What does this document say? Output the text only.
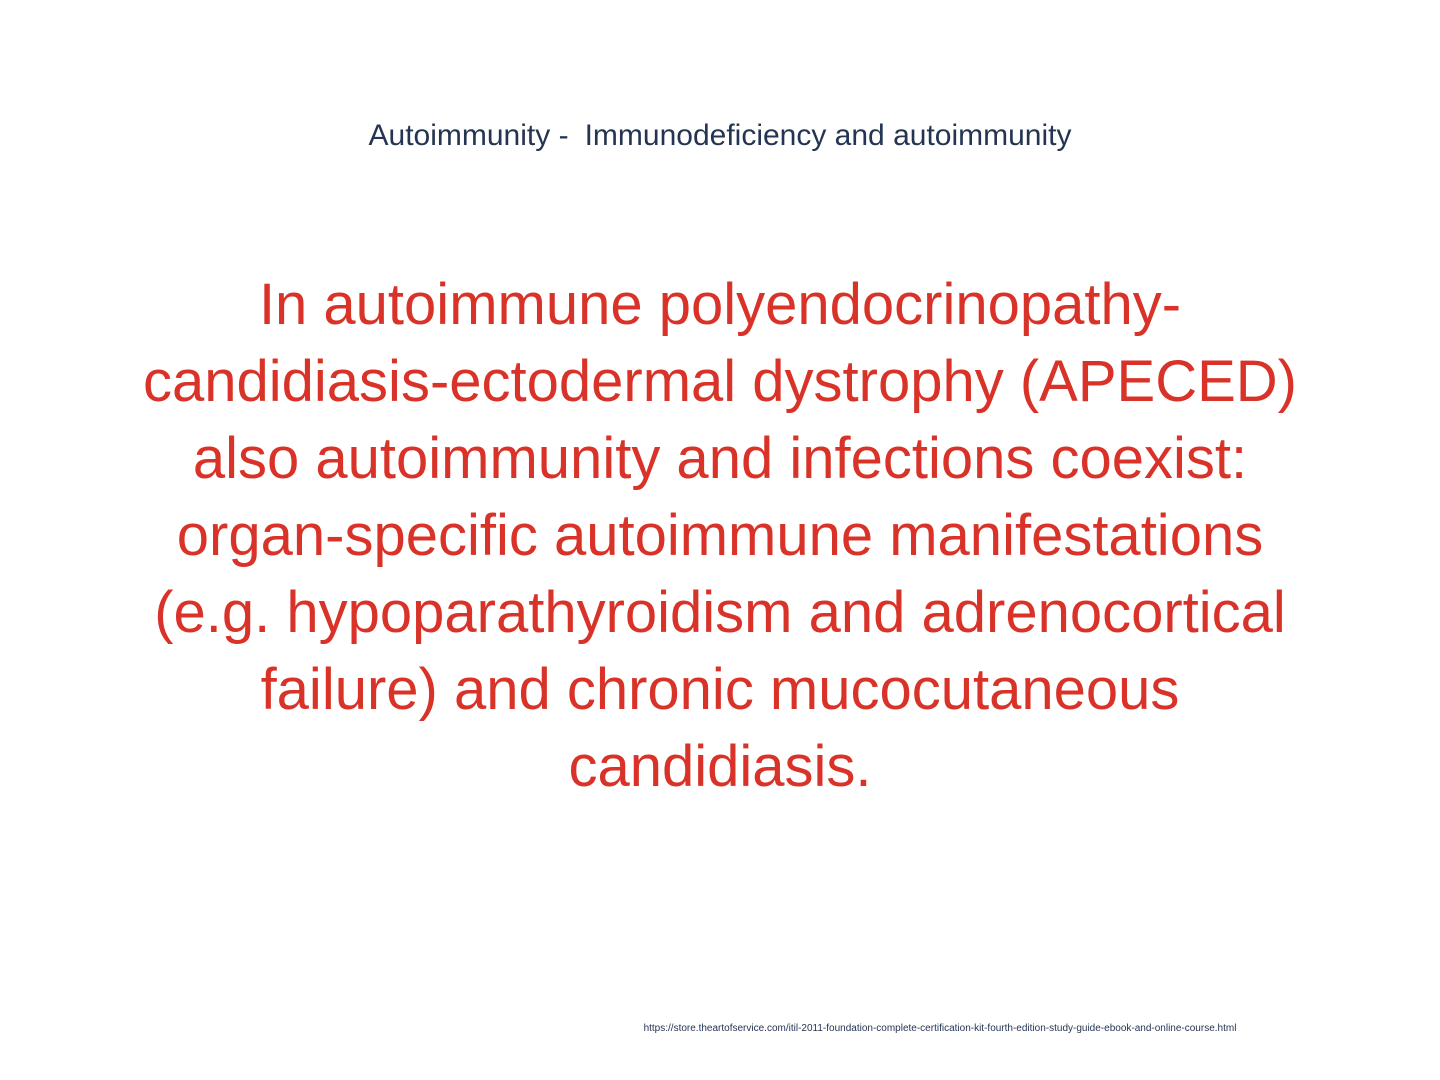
Autoimmunity - Immunodeficiency and autoimmunity

In autoimmune polyendocrinopathy-candidiasis-ectodermal dystrophy (APECED) also autoimmunity and infections coexist: organ-specific autoimmune manifestations (e.g. hypoparathyroidism and adrenocortical failure) and chronic mucocutaneous candidiasis.

https://store.theartofservice.com/itil-2011-foundation-complete-certification-kit-fourth-edition-study-guide-ebook-and-online-course.html
